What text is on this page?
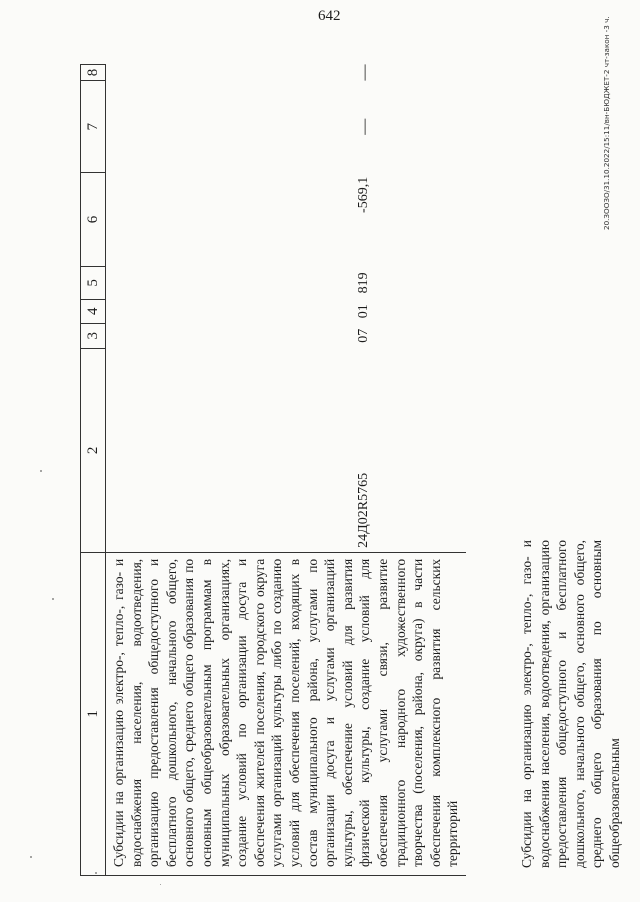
642
1	2	3	4	5	6	7	8
Субсидии на организацию электро-, тепло-, газо- и водоснабжения населения, водоотведения, организацию предоставления общедоступного и бесплатного дошкольного, начального общего, основного общего, среднего общего образования по основным общеобразовательным программам в муниципальных образовательных организациях, создание условий по организации досуга и обеспечения жителей поселения, городского округа услугами организаций культуры либо по созданию условий для обеспечения поселений, входящих в состав муниципального района, услугами по организации досуга и услугами организаций культуры, обеспечение условий для развития физической культуры, создание условий для обеспечения услугами связи, развитие традиционного народного художественного творчества (поселения, района, округа) в части обеспечения комплексного развития сельских территорий	24Д02R5765	07	01	819	-569,1	—	—
Субсидии на организацию электро-, тепло-, газо- и водоснабжения населения, водоотведения, организацию предоставления общедоступного и бесплатного дошкольного, начального общего, основного общего, среднего общего образования по основным общеобразовательным
20.ЗООЗО/31.10.2022/15:11/вн-БЮДЖЕТ-2 чт-закон -3 ч.
